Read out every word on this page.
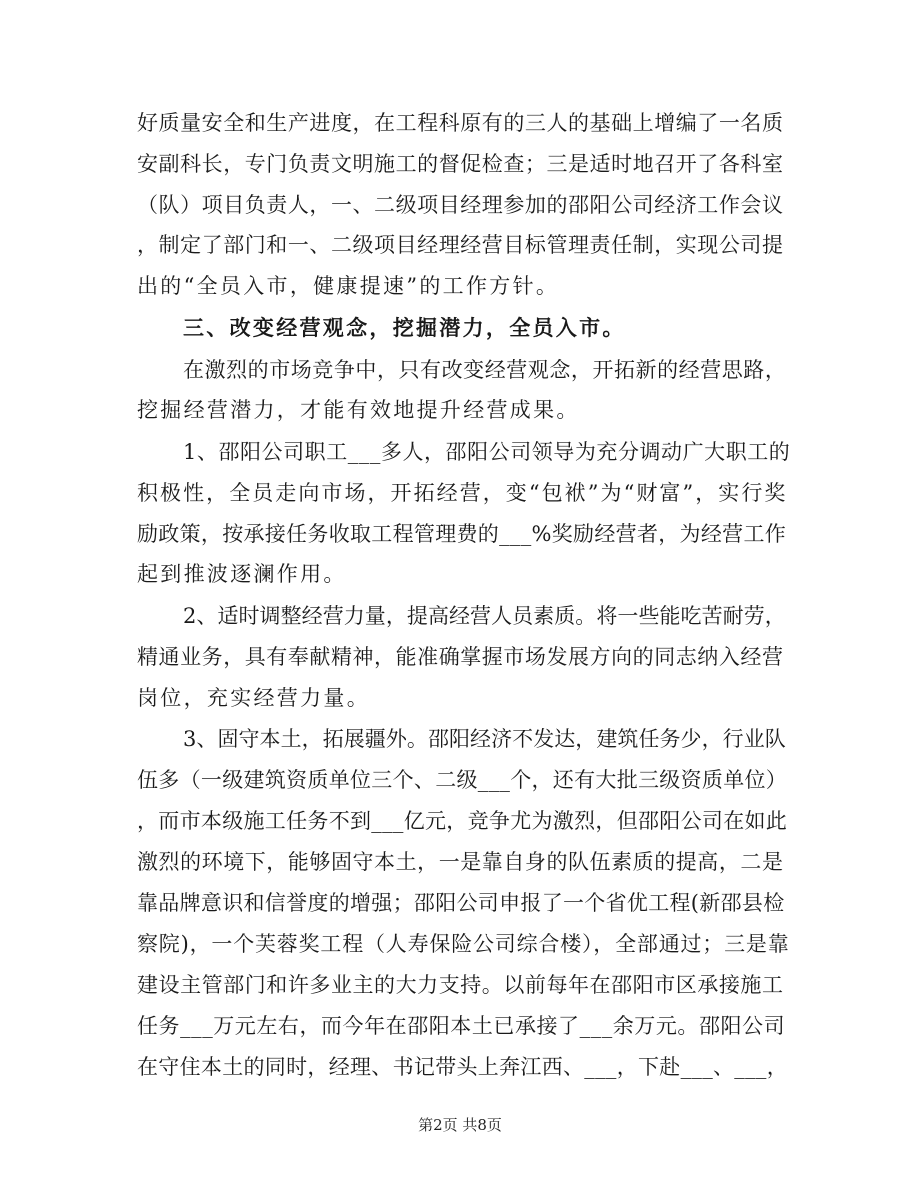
好质量安全和生产进度，在工程科原有的三人的基础上增编了一名质
安副科长，专门负责文明施工的督促检查；三是适时地召开了各科室
（队）项目负责人，一、二级项目经理参加的邵阳公司经济工作会议
，制定了部门和一、二级项目经理经营目标管理责任制，实现公司提
出的“全员入市，健康提速”的工作方针。
三、改变经营观念，挖掘潜力，全员入市。
在激烈的市场竞争中，只有改变经营观念，开拓新的经营思路，
挖掘经营潜力，才能有效地提升经营成果。
1、邵阳公司职工___多人，邵阳公司领导为充分调动广大职工的
积极性，全员走向市场，开拓经营，变“包袱”为“财富”，实行奖
励政策，按承接任务收取工程管理费的___%奖励经营者，为经营工作
起到推波逐澜作用。
2、适时调整经营力量，提高经营人员素质。将一些能吃苦耐劳，
精通业务，具有奉献精神，能准确掌握市场发展方向的同志纳入经营
岗位，充实经营力量。
3、固守本土，拓展疆外。邵阳经济不发达，建筑任务少，行业队
伍多（一级建筑资质单位三个、二级___个，还有大批三级资质单位）
，而市本级施工任务不到___亿元，竞争尤为激烈，但邵阳公司在如此
激烈的环境下，能够固守本土，一是靠自身的队伍素质的提高，二是
靠品牌意识和信誉度的增强；邵阳公司申报了一个省优工程(新邵县检
察院)，一个芙蓉奖工程（人寿保险公司综合楼），全部通过；三是靠
建设主管部门和许多业主的大力支持。以前每年在邵阳市区承接施工
任务___万元左右，而今年在邵阳本土已承接了___余万元。邵阳公司
在守住本土的同时，经理、书记带头上奔江西、___，下赴___、___，
第2页 共8页
